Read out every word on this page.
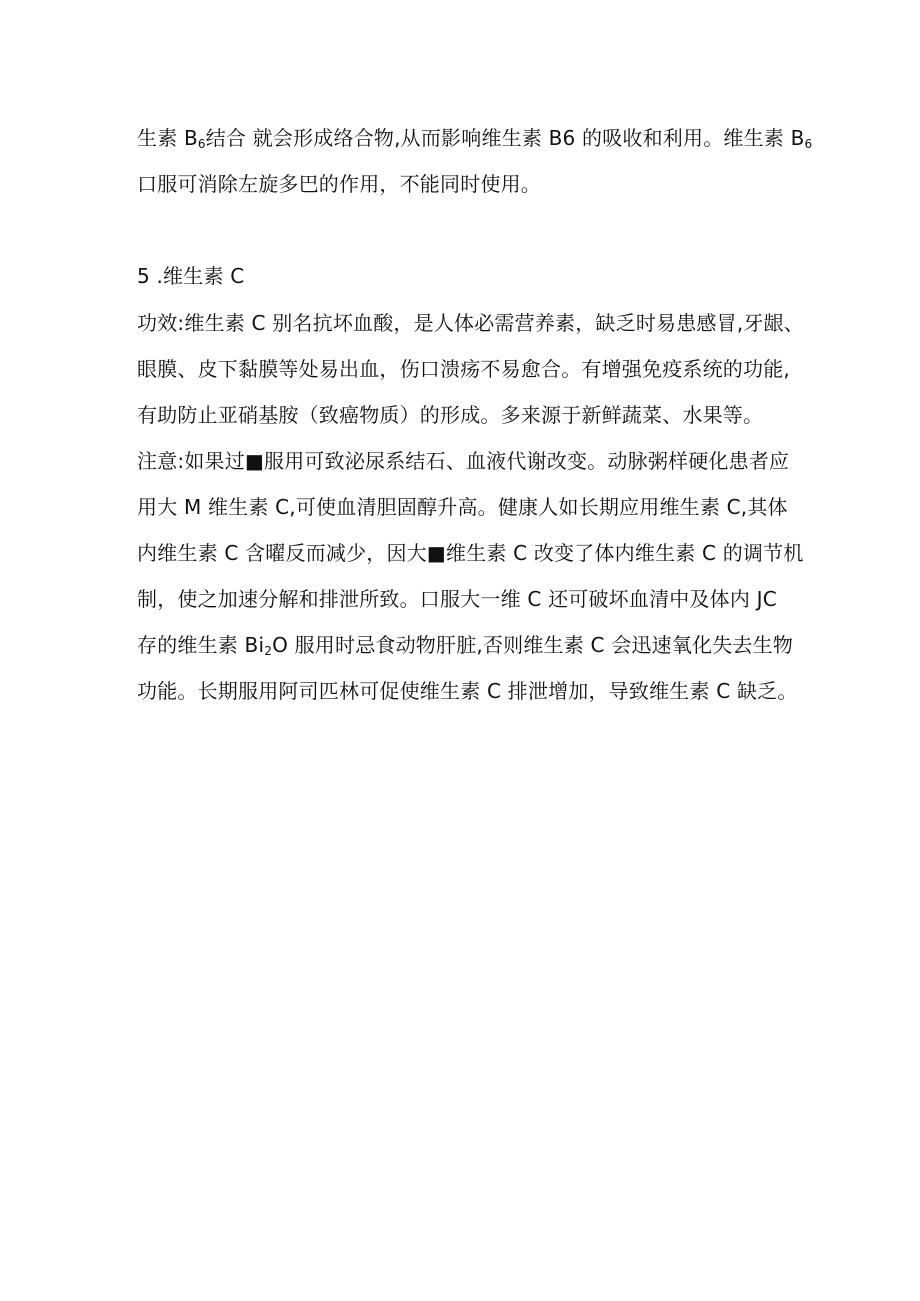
生素 $B_6$结合 就会形成络合物,从而影响维生素 B6 的吸收和利用。维生素 $B_6$
口服可消除左旋多巴的作用，不能同时使用。
5 .维生素 C
功效:维生素 C 别名抗坏血酸，是人体必需营养素，缺乏时易患感冒,牙龈、
眼膜、皮下黏膜等处易出血，伤口溃疡不易愈合。有增强免疫系统的功能,
有助防止亚硝基胺（致癌物质）的形成。多来源于新鲜蔬菜、水果等。
注意:如果过■服用可致泌尿系结石、血液代谢改变。动脉粥样硬化患者应
用大 M 维生素 C,可使血清胆固醇升高。健康人如长期应用维生素 C,其体
内维生素 C 含曜反而减少，因大■维生素 C 改变了体内维生素 C 的调节机
制，使之加速分解和排泄所致。口服大一维 C 还可破坏血清中及体内 JC
存的维生素 $Bi_2O$ 服用时忌食动物肝脏,否则维生素 C 会迅速氧化失去生物
功能。长期服用阿司匹林可促使维生素 C 排泄增加，导致维生素 C 缺乏。
